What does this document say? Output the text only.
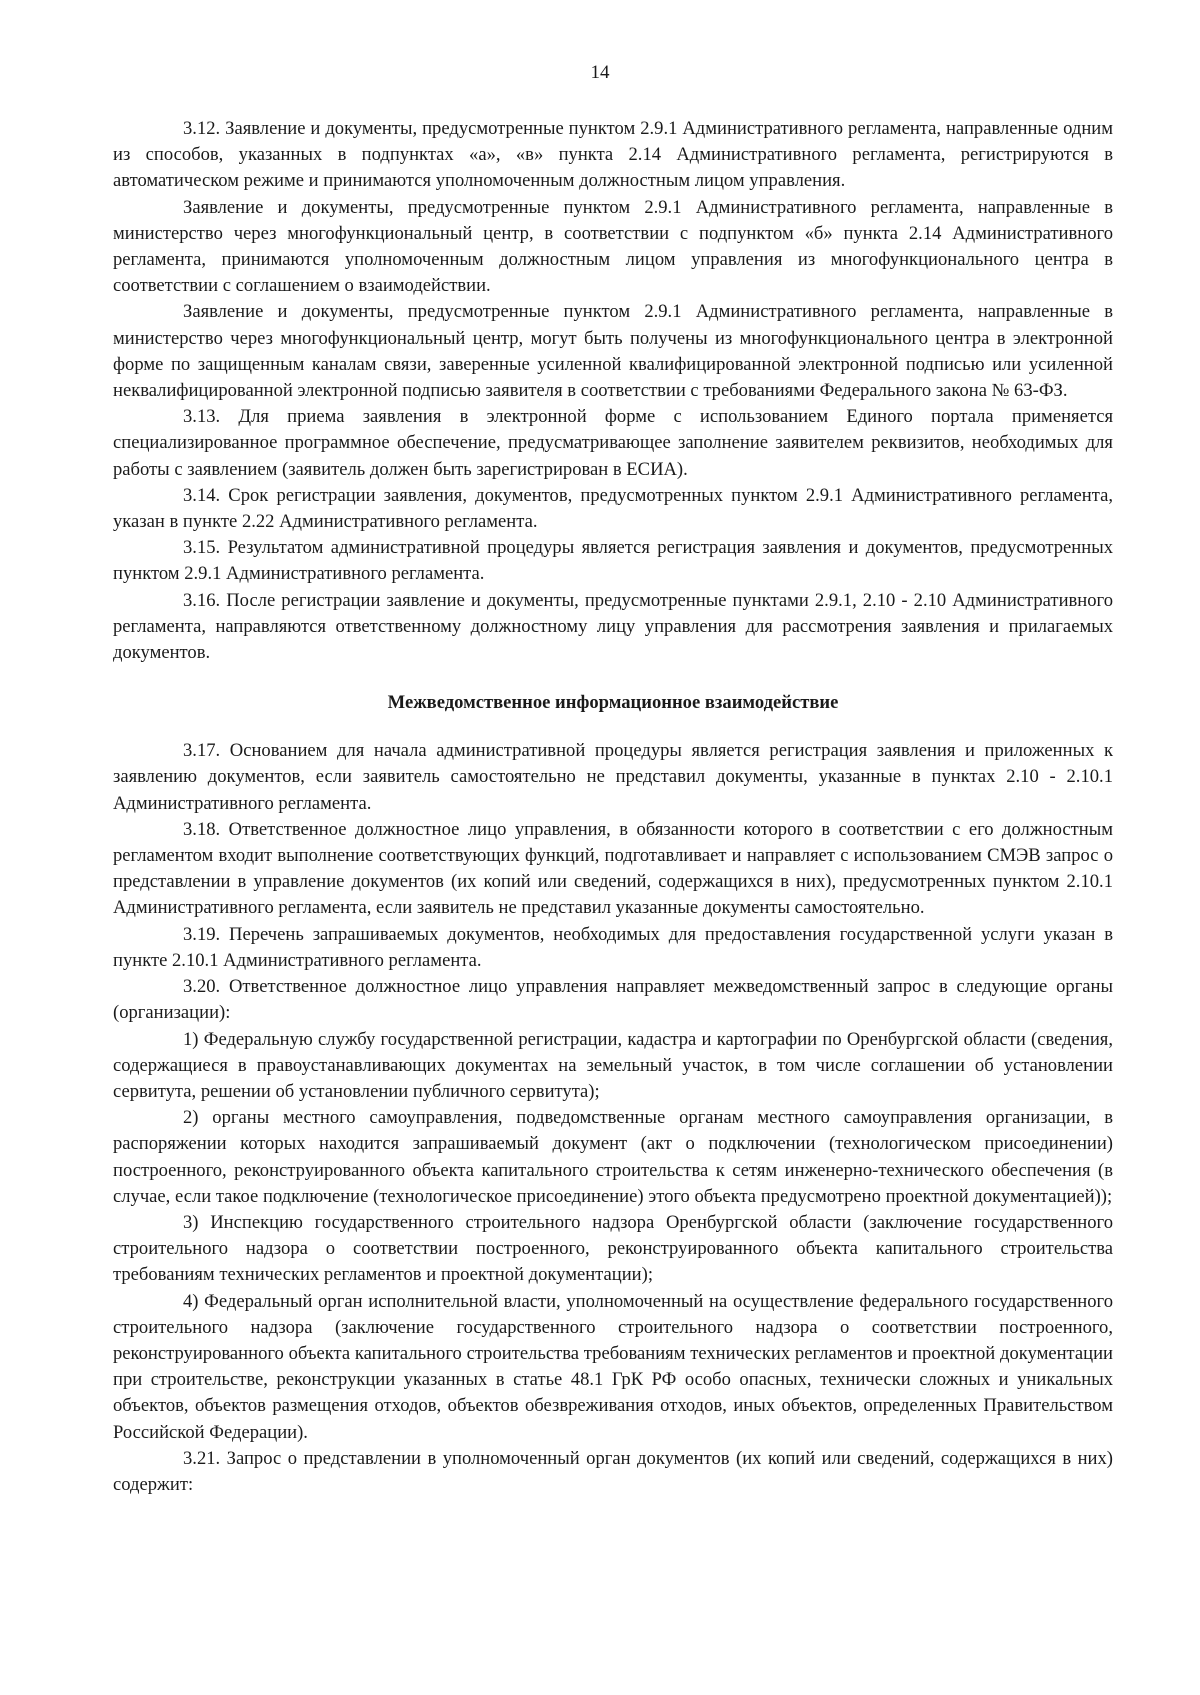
14

3.12. Заявление и документы, предусмотренные пунктом 2.9.1 Административного регламента, направленные одним из способов, указанных в подпунктах «а», «в» пункта 2.14 Административного регламента, регистрируются в автоматическом режиме и принимаются уполномоченным должностным лицом управления.

Заявление и документы, предусмотренные пунктом 2.9.1 Административного регламента, направленные в министерство через многофункциональный центр, в соответствии с подпунктом «б» пункта 2.14 Административного регламента, принимаются уполномоченным должностным лицом управления из многофункционального центра в соответствии с соглашением о взаимодействии.

Заявление и документы, предусмотренные пунктом 2.9.1 Административного регламента, направленные в министерство через многофункциональный центр, могут быть получены из многофункционального центра в электронной форме по защищенным каналам связи, заверенные усиленной квалифицированной электронной подписью или усиленной неквалифицированной электронной подписью заявителя в соответствии с требованиями Федерального закона № 63-ФЗ.

3.13. Для приема заявления в электронной форме с использованием Единого портала применяется специализированное программное обеспечение, предусматривающее заполнение заявителем реквизитов, необходимых для работы с заявлением (заявитель должен быть зарегистрирован в ЕСИА).

3.14. Срок регистрации заявления, документов, предусмотренных пунктом 2.9.1 Административного регламента, указан в пункте 2.22 Административного регламента.

3.15. Результатом административной процедуры является регистрация заявления и документов, предусмотренных пунктом 2.9.1 Административного регламента.

3.16. После регистрации заявление и документы, предусмотренные пунктами 2.9.1, 2.10 - 2.10 Административного регламента, направляются ответственному должностному лицу управления для рассмотрения заявления и прилагаемых документов.

Межведомственное информационное взаимодействие

3.17. Основанием для начала административной процедуры является регистрация заявления и приложенных к заявлению документов, если заявитель самостоятельно не представил документы, указанные в пунктах 2.10 - 2.10.1 Административного регламента.

3.18. Ответственное должностное лицо управления, в обязанности которого в соответствии с его должностным регламентом входит выполнение соответствующих функций, подготавливает и направляет с использованием СМЭВ запрос о представлении в управление документов (их копий или сведений, содержащихся в них), предусмотренных пунктом 2.10.1 Административного регламента, если заявитель не представил указанные документы самостоятельно.

3.19. Перечень запрашиваемых документов, необходимых для предоставления государственной услуги указан в пункте 2.10.1 Административного регламента.

3.20. Ответственное должностное лицо управления направляет межведомственный запрос в следующие органы (организации):

1) Федеральную службу государственной регистрации, кадастра и картографии по Оренбургской области (сведения, содержащиеся в правоустанавливающих документах на земельный участок, в том числе соглашении об установлении сервитута, решении об установлении публичного сервитута);

2) органы местного самоуправления, подведомственные органам местного самоуправления организации, в распоряжении которых находится запрашиваемый документ (акт о подключении (технологическом присоединении) построенного, реконструированного объекта капитального строительства к сетям инженерно-технического обеспечения (в случае, если такое подключение (технологическое присоединение) этого объекта предусмотрено проектной документацией));

3) Инспекцию государственного строительного надзора Оренбургской области (заключение государственного строительного надзора о соответствии построенного, реконструированного объекта капитального строительства требованиям технических регламентов и проектной документации);

4) Федеральный орган исполнительной власти, уполномоченный на осуществление федерального государственного строительного надзора (заключение государственного строительного надзора о соответствии построенного, реконструированного объекта капитального строительства требованиям технических регламентов и проектной документации при строительстве, реконструкции указанных в статье 48.1 ГрК РФ особо опасных, технически сложных и уникальных объектов, объектов размещения отходов, объектов обезвреживания отходов, иных объектов, определенных Правительством Российской Федерации).

3.21. Запрос о представлении в уполномоченный орган документов (их копий или сведений, содержащихся в них) содержит:
